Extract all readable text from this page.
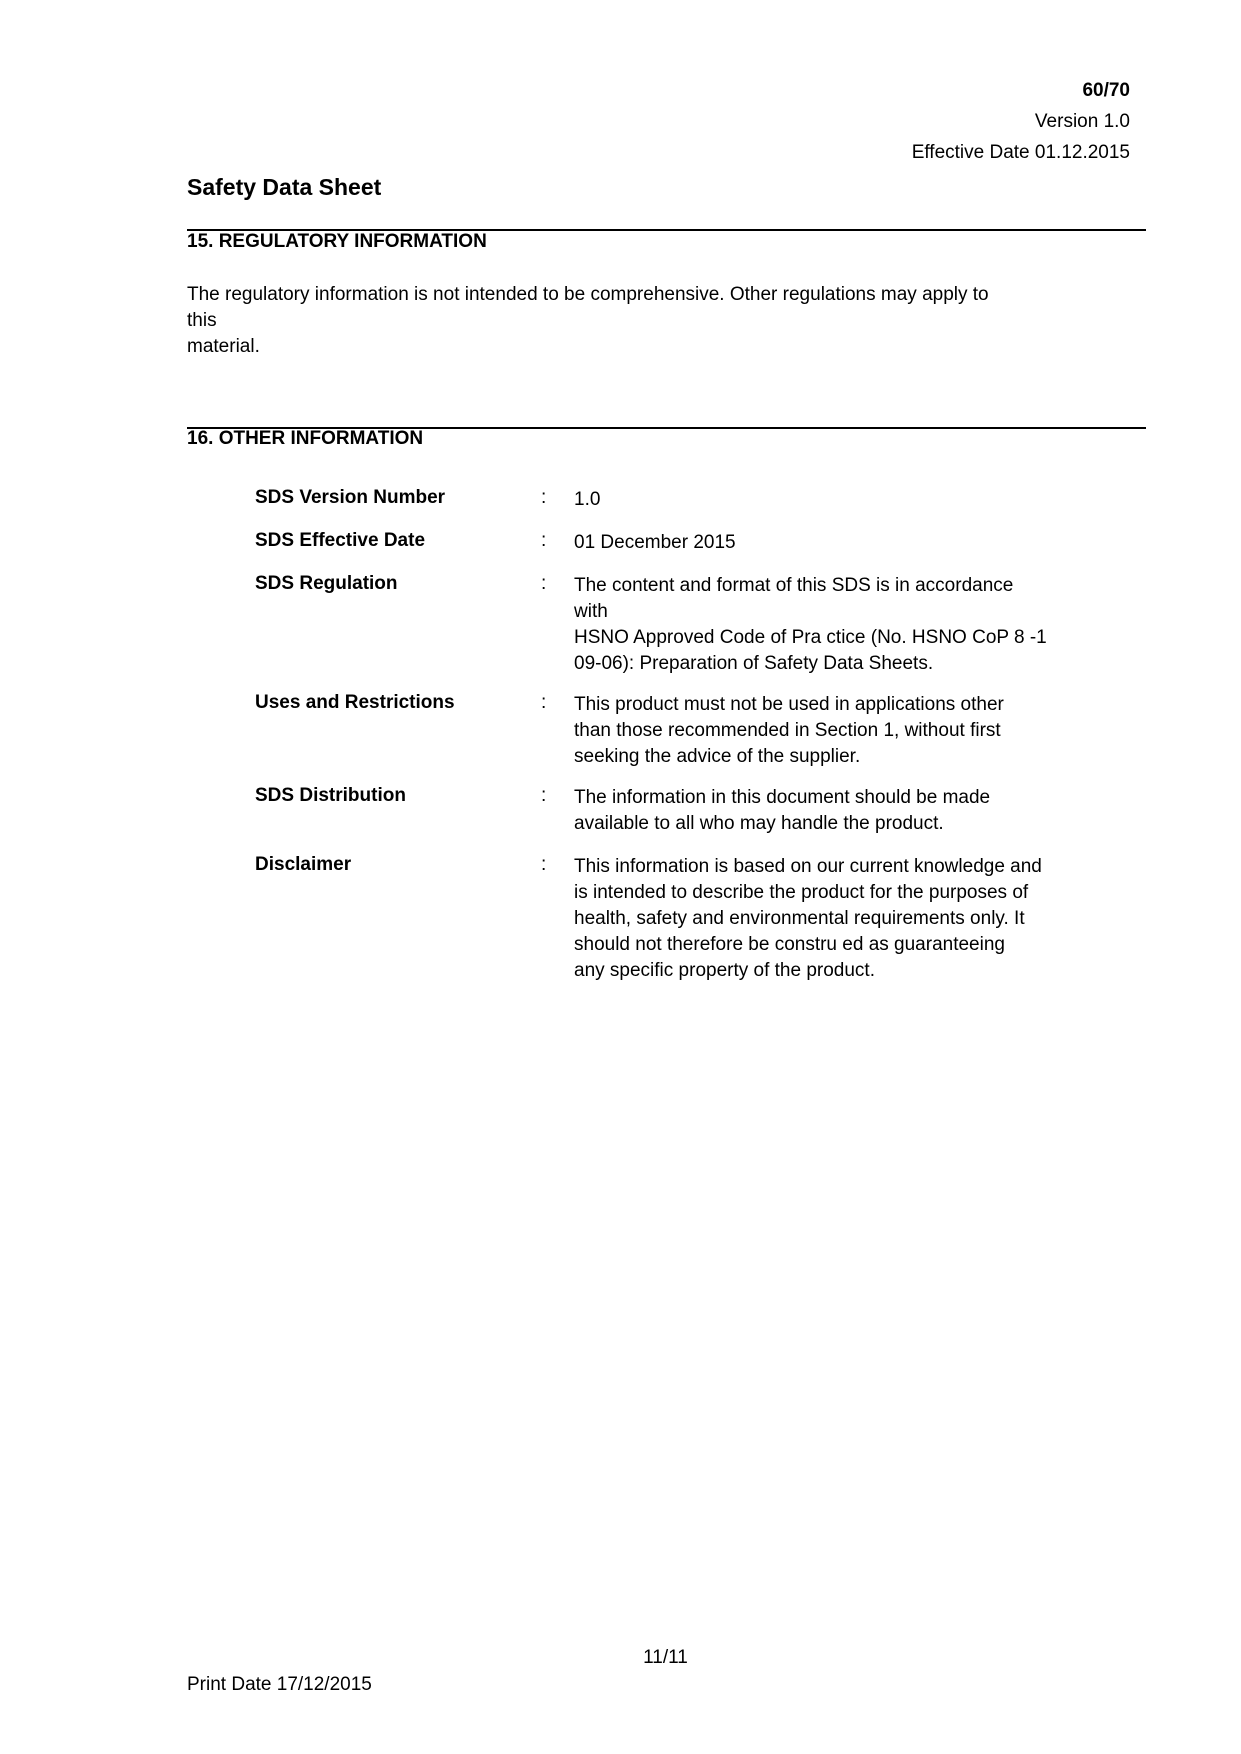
60/70
Version 1.0
Effective Date 01.12.2015
Safety Data Sheet
15. REGULATORY INFORMATION
The regulatory information is not intended to be comprehensive. Other regulations may apply to
this
material.
16. OTHER INFORMATION
SDS Version Number	: 1.0
SDS Effective Date	: 01 December 2015
SDS Regulation	: The content and format of this SDS is in accordance
with
HSNO Approved Code of Pra ctice (No. HSNO CoP 8 -1
09-06): Preparation of Safety Data Sheets.
Uses and Restrictions	: This product must not be used in applications other
than those recommended in Section 1, without first
seeking the advice of the supplier.
SDS Distribution	: The information in this document should be made
available to all who may handle the product.
Disclaimer	: This information is based on our current knowledge and
is intended to describe the product for the purposes of
health, safety and environmental requirements only. It
should not therefore be constru ed as guaranteeing
any specific property of the product.
11/11
Print Date 17/12/2015
